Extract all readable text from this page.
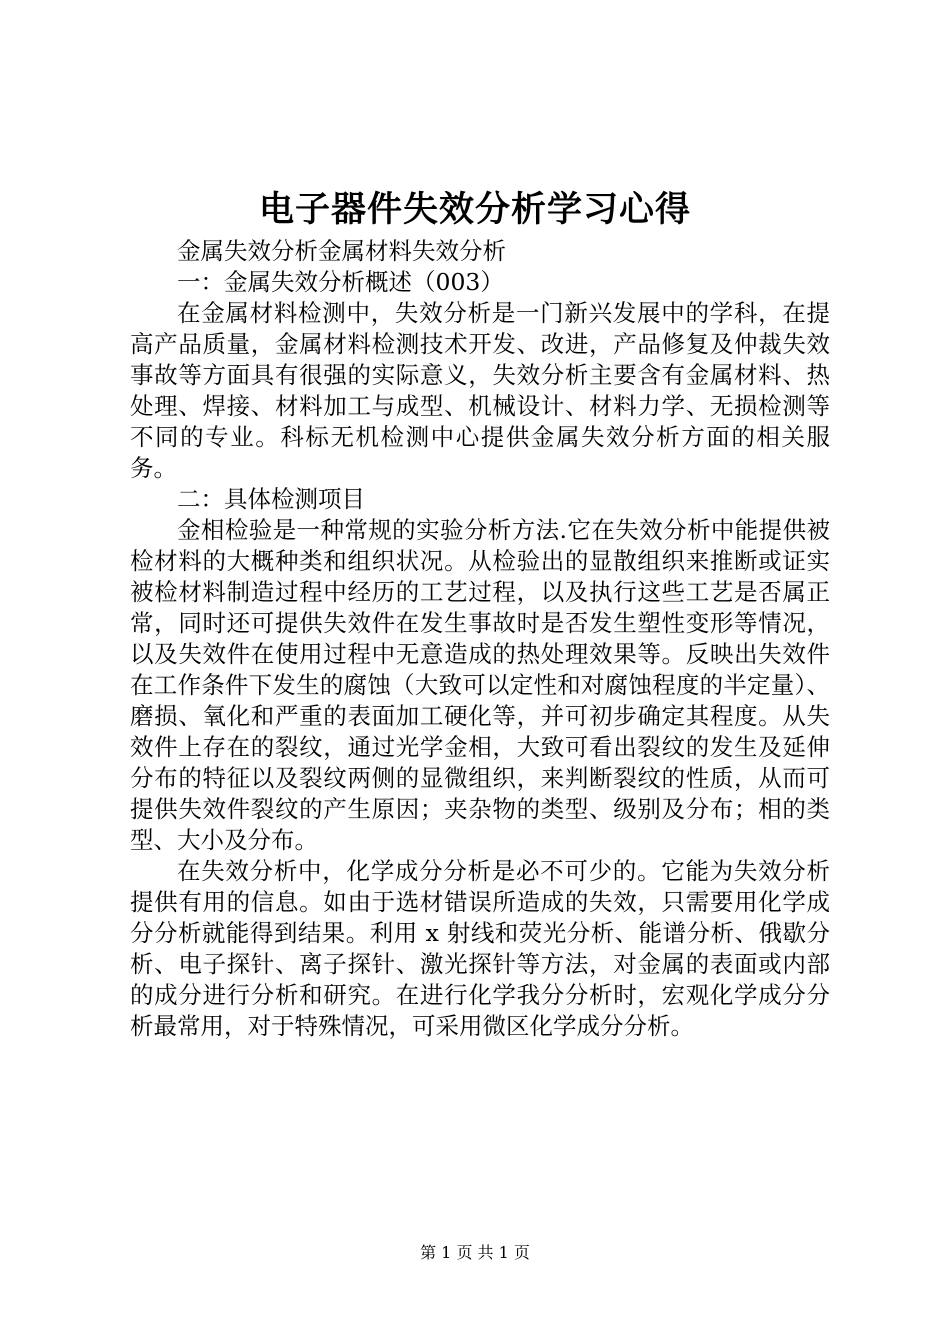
电子器件失效分析学习心得

金属失效分析金属材料失效分析

一：金属失效分析概述（003）

在金属材料检测中，失效分析是一门新兴发展中的学科，在提高产品质量，金属材料检测技术开发、改进，产品修复及仲裁失效事故等方面具有很强的实际意义，失效分析主要含有金属材料、热处理、焊接、材料加工与成型、机械设计、材料力学、无损检测等不同的专业。科标无机检测中心提供金属失效分析方面的相关服务。

二：具体检测项目

金相检验是一种常规的实验分析方法.它在失效分析中能提供被检材料的大概种类和组织状况。从检验出的显散组织来推断或证实被检材料制造过程中经历的工艺过程，以及执行这些工艺是否属正常，同时还可提供失效件在发生事故时是否发生塑性变形等情况，以及失效件在使用过程中无意造成的热处理效果等。反映出失效件在工作条件下发生的腐蚀（大致可以定性和对腐蚀程度的半定量）、磨损、氧化和严重的表面加工硬化等，并可初步确定其程度。从失效件上存在的裂纹，通过光学金相，大致可看出裂纹的发生及延伸分布的特征以及裂纹两侧的显微组织，来判断裂纹的性质，从而可提供失效件裂纹的产生原因；夹杂物的类型、级别及分布；相的类型、大小及分布。

在失效分析中，化学成分分析是必不可少的。它能为失效分析提供有用的信息。如由于选材错误所造成的失效，只需要用化学成分分析就能得到结果。利用 x 射线和荧光分析、能谱分析、俄歇分析、电子探针、离子探针、激光探针等方法，对金属的表面或内部的成分进行分析和研究。在进行化学我分分析时，宏观化学成分分析最常用，对于特殊情况，可采用微区化学成分分析。

第 1 页 共 1 页
